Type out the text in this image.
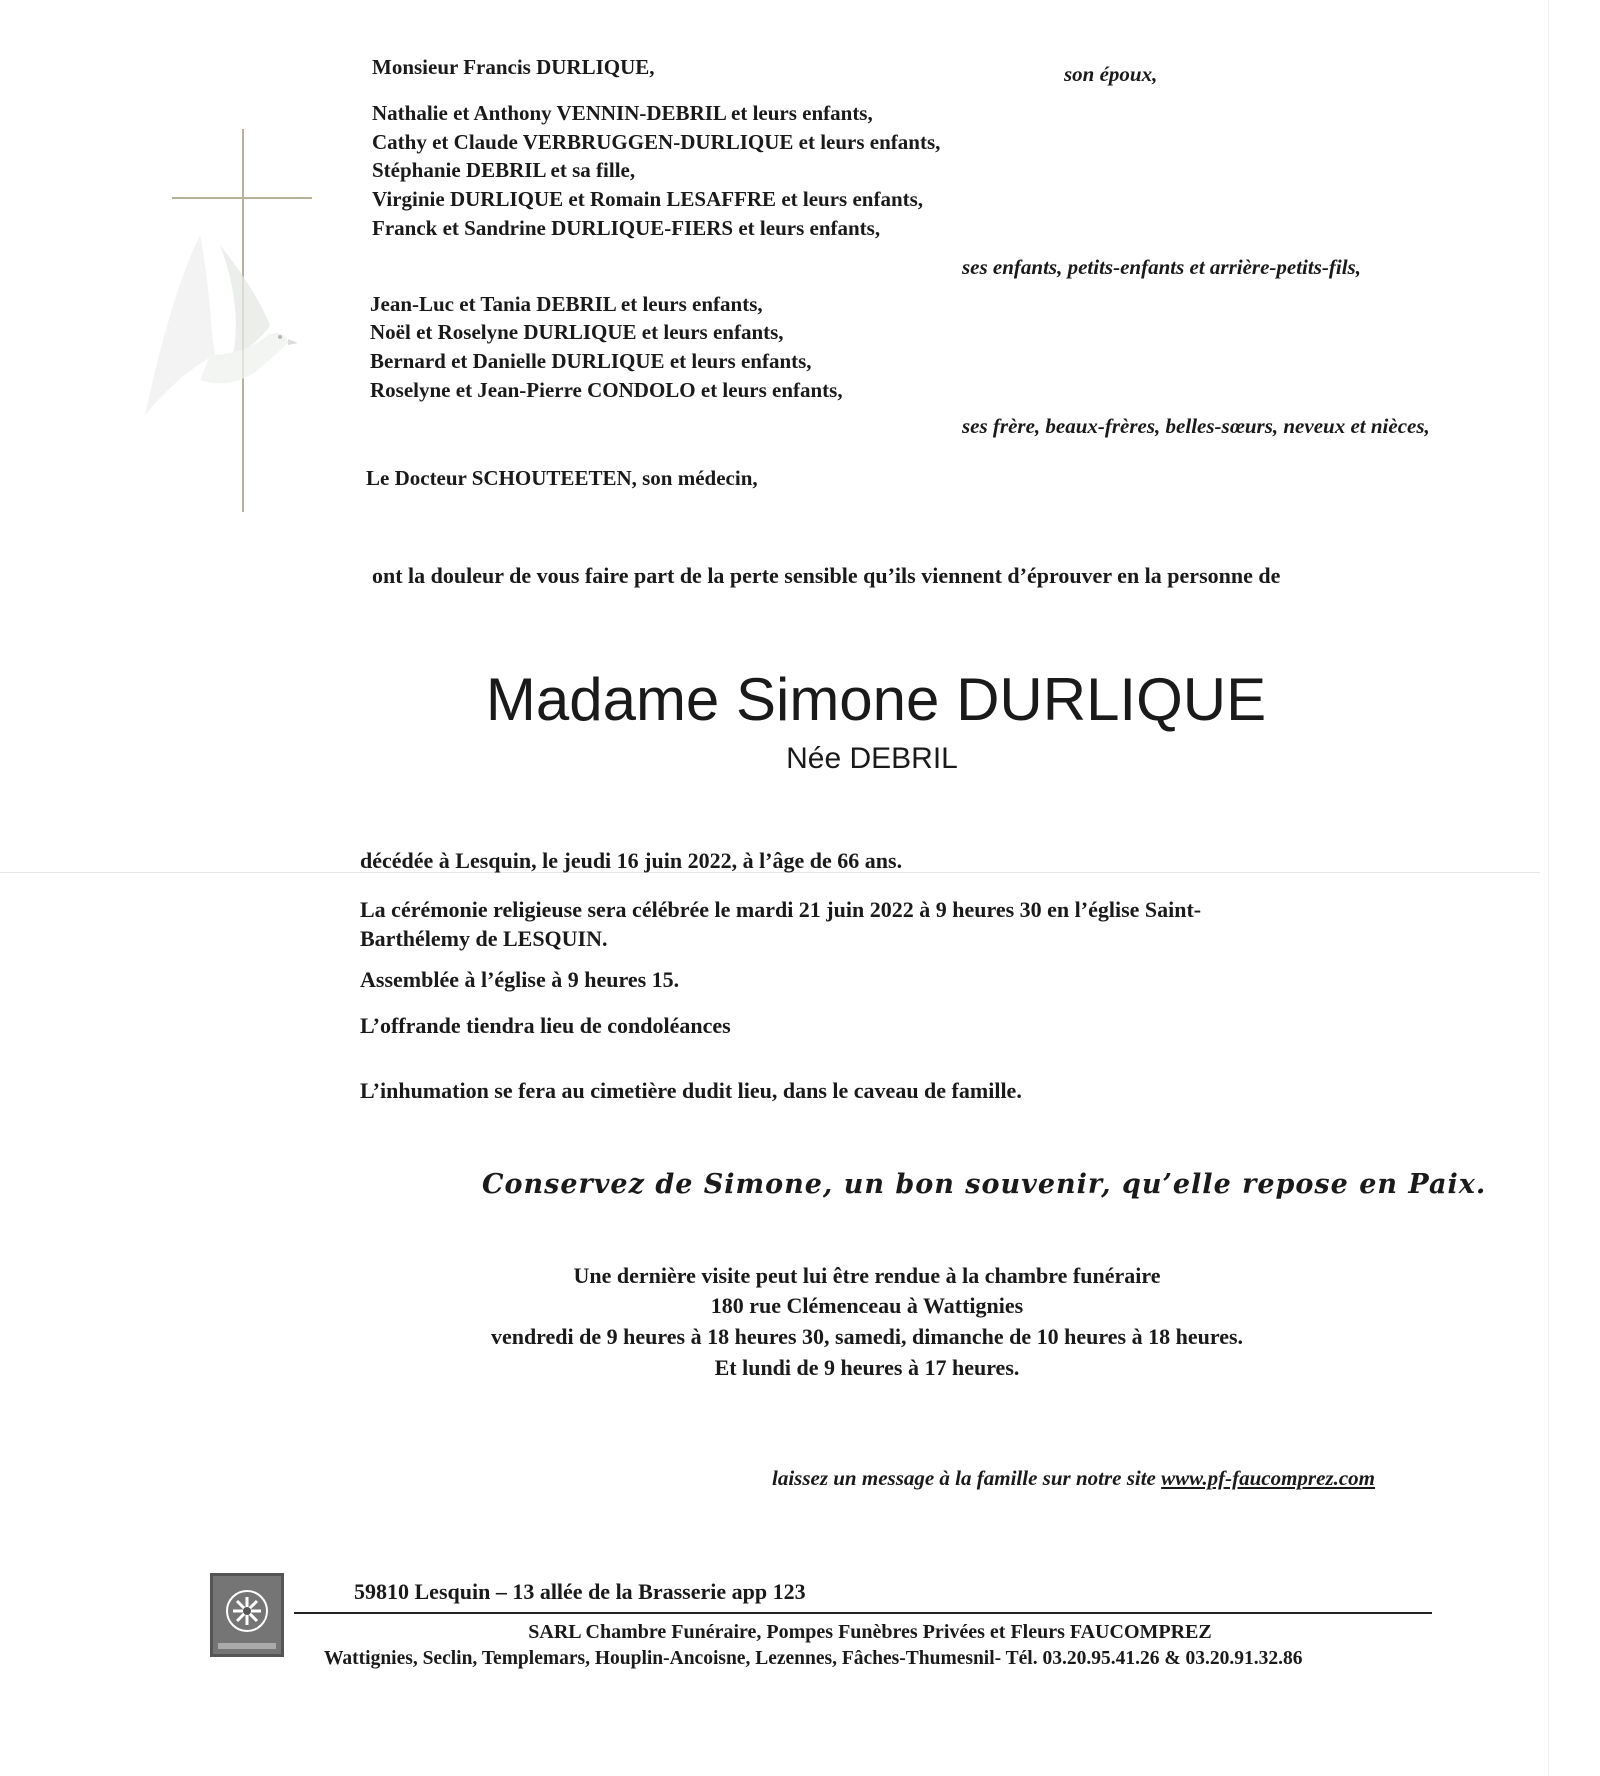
Monsieur Francis DURLIQUE,	son époux,
Nathalie et Anthony VENNIN-DEBRIL et leurs enfants,
Cathy et Claude VERBRUGGEN-DURLIQUE et leurs enfants,
Stéphanie DEBRIL et sa fille,
Virginie DURLIQUE et Romain LESAFFRE et leurs enfants,
Franck et Sandrine DURLIQUE-FIERS et leurs enfants,
ses enfants, petits-enfants et arrière-petits-fils,
Jean-Luc et Tania DEBRIL et leurs enfants,
Noël et Roselyne DURLIQUE et leurs enfants,
Bernard et Danielle DURLIQUE et leurs enfants,
Roselyne et Jean-Pierre CONDOLO et leurs enfants,
ses frère, beaux-frères, belles-sœurs, neveux et nièces,
Le Docteur SCHOUTEETEN, son médecin,
ont la douleur de vous faire part de la perte sensible qu’ils viennent d’éprouver en la personne de
Madame Simone DURLIQUE
Née DEBRIL
décédée à Lesquin, le jeudi 16 juin 2022, à l’âge de 66 ans.
La cérémonie religieuse sera célébrée le mardi 21 juin 2022 à 9 heures 30 en l’église Saint-
Barthélemy de LESQUIN.
Assemblée à l’église à 9 heures 15.
L’offrande tiendra lieu de condoléances
L’inhumation se fera au cimetière dudit lieu, dans le caveau de famille.
Conservez de Simone, un bon souvenir, qu’elle repose en Paix.
Une dernière visite peut lui être rendue à la chambre funéraire
180 rue Clémenceau à Wattignies
vendredi de 9 heures à 18 heures 30, samedi, dimanche de 10 heures à 18 heures.
Et lundi de 9 heures à 17 heures.
laissez un message à la famille sur notre site www.pf-faucomprez.com
59810 Lesquin – 13 allée de la Brasserie app 123
SARL Chambre Funéraire, Pompes Funèbres Privées et Fleurs FAUCOMPREZ
Wattignies, Seclin, Templemars, Houplin-Ancoisne, Lezennes, Fâches-Thumesnil- Tél. 03.20.95.41.26 & 03.20.91.32.86
